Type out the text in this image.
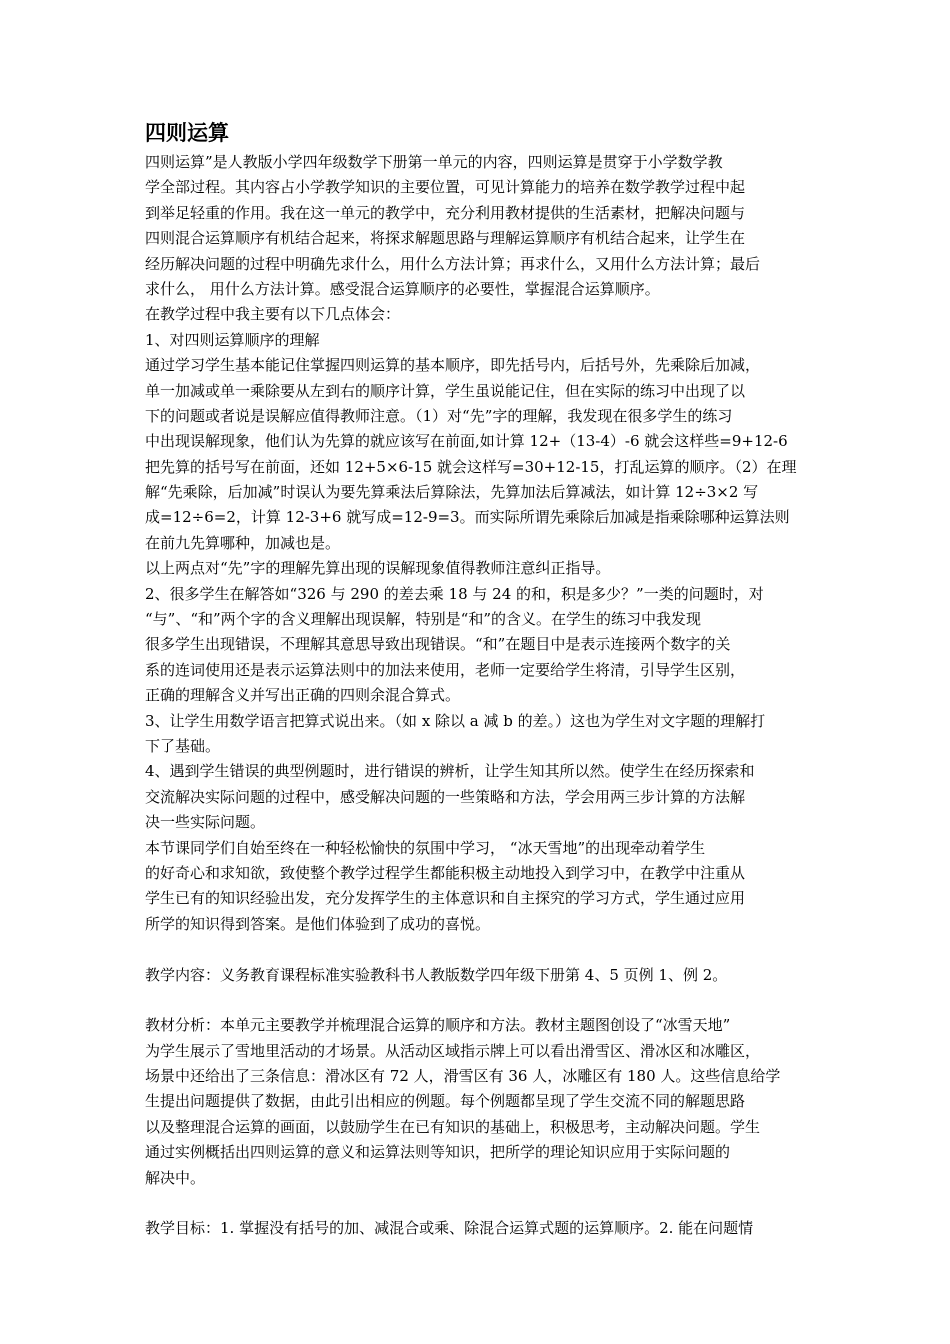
四则运算
四则运算”是人教版小学四年级数学下册第一单元的内容，四则运算是贯穿于小学数学教
学全部过程。其内容占小学教学知识的主要位置，可见计算能力的培养在数学教学过程中起
到举足轻重的作用。我在这一单元的教学中，充分利用教材提供的生活素材，把解决问题与
四则混合运算顺序有机结合起来，将探求解题思路与理解运算顺序有机结合起来，让学生在
经历解决问题的过程中明确先求什么，用什么方法计算；再求什么，又用什么方法计算；最后
求什么， 用什么方法计算。感受混合运算顺序的必要性，掌握混合运算顺序。
在教学过程中我主要有以下几点体会：
1、对四则运算顺序的理解
通过学习学生基本能记住掌握四则运算的基本顺序，即先括号内，后括号外，先乘除后加减，
单一加减或单一乘除要从左到右的顺序计算，学生虽说能记住，但在实际的练习中出现了以
下的问题或者说是误解应值得教师注意。（1）对“先”字的理解，我发现在很多学生的练习
中出现误解现象，他们认为先算的就应该写在前面,如计算 12+（13-4）-6 就会这样些=9+12-6
把先算的括号写在前面，还如 12+5×6-15 就会这样写=30+12-15，打乱运算的顺序。（2）在理
解“先乘除，后加减”时误认为要先算乘法后算除法，先算加法后算减法，如计算 12÷3×2 写
成=12÷6=2，计算 12-3+6 就写成=12-9=3。而实际所谓先乘除后加减是指乘除哪种运算法则
在前九先算哪种，加减也是。
以上两点对“先”字的理解先算出现的误解现象值得教师注意纠正指导。
2、很多学生在解答如“326 与 290 的差去乘 18 与 24 的和，积是多少？”一类的问题时，对
“与”、“和”两个字的含义理解出现误解，特别是“和”的含义。在学生的练习中我发现
很多学生出现错误，不理解其意思导致出现错误。“和”在题目中是表示连接两个数字的关
系的连词使用还是表示运算法则中的加法来使用，老师一定要给学生将清，引导学生区别，
正确的理解含义并写出正确的四则余混合算式。
3、让学生用数学语言把算式说出来。（如 x 除以 a 减 b 的差。）这也为学生对文字题的理解打
下了基础。
4、遇到学生错误的典型例题时，进行错误的辨析，让学生知其所以然。使学生在经历探索和
交流解决实际问题的过程中，感受解决问题的一些策略和方法，学会用两三步计算的方法解
决一些实际问题。
本节课同学们自始至终在一种轻松愉快的氛围中学习， “冰天雪地”的出现牵动着学生
的好奇心和求知欲，致使整个教学过程学生都能积极主动地投入到学习中，在教学中注重从
学生已有的知识经验出发，充分发挥学生的主体意识和自主探究的学习方式，学生通过应用
所学的知识得到答案。是他们体验到了成功的喜悦。
教学内容：义务教育课程标准实验教科书人教版数学四年级下册第 4、5 页例 1、例 2。
教材分析：本单元主要教学并梳理混合运算的顺序和方法。教材主题图创设了“冰雪天地”
为学生展示了雪地里活动的才场景。从活动区域指示牌上可以看出滑雪区、滑冰区和冰雕区，
场景中还给出了三条信息：滑冰区有 72 人，滑雪区有 36 人，冰雕区有 180 人。这些信息给学
生提出问题提供了数据，由此引出相应的例题。每个例题都呈现了学生交流不同的解题思路
以及整理混合运算的画面，以鼓励学生在已有知识的基础上，积极思考，主动解决问题。学生
通过实例概括出四则运算的意义和运算法则等知识，把所学的理论知识应用于实际问题的
解决中。
教学目标：1. 掌握没有括号的加、减混合或乘、除混合运算式题的运算顺序。2. 能在问题情
